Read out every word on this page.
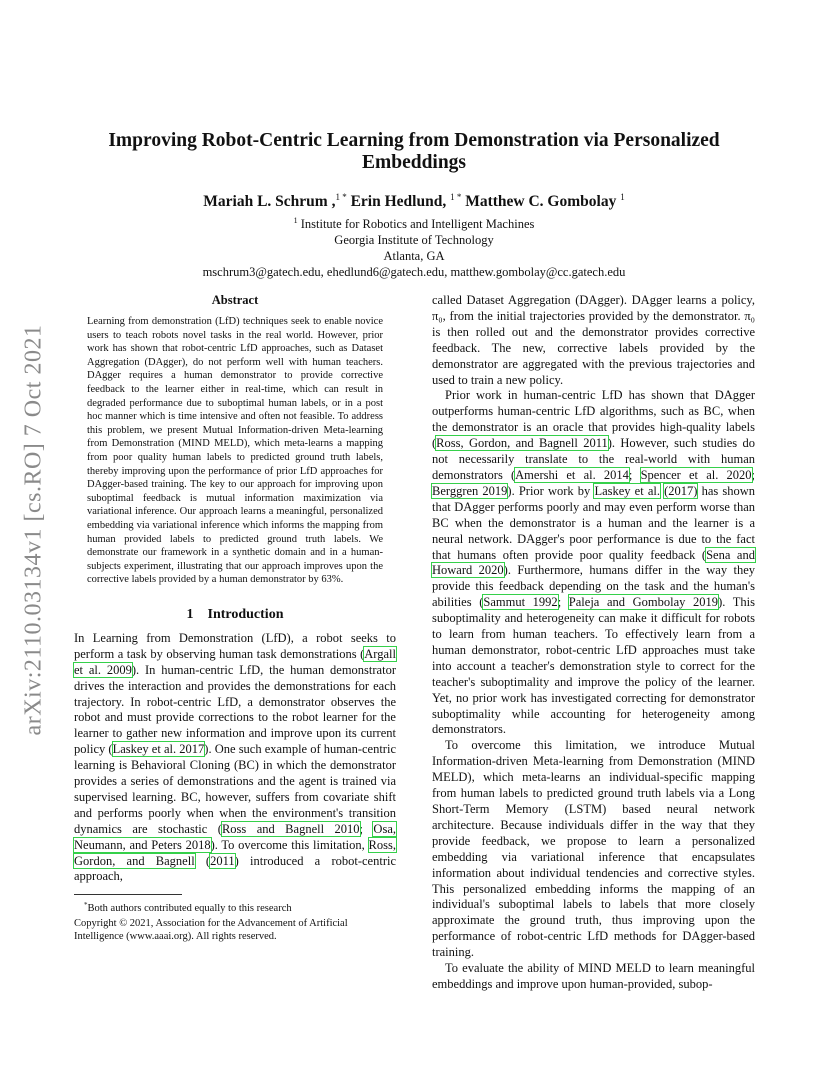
arXiv:2110.03134v1 [cs.RO] 7 Oct 2021
Improving Robot-Centric Learning from Demonstration via Personalized Embeddings
Mariah L. Schrum ,$^{1 *}$ Erin Hedlund, $^{1 *}$ Matthew C. Gombolay $^1$
$^1$ Institute for Robotics and Intelligent Machines
Georgia Institute of Technology
Atlanta, GA
mschrum3@gatech.edu, ehedlund6@gatech.edu, matthew.gombolay@cc.gatech.edu
Abstract

Learning from demonstration (LfD) techniques seek to enable novice users to teach robots novel tasks in the real world. However, prior work has shown that robot-centric LfD approaches, such as Dataset Aggregation (DAgger), do not perform well with human teachers. DAgger requires a human demonstrator to provide corrective feedback to the learner either in real-time, which can result in degraded performance due to suboptimal human labels, or in a post hoc manner which is time intensive and often not feasible. To address this problem, we present Mutual Information-driven Meta-learning from Demonstration (MIND MELD), which meta-learns a mapping from poor quality human labels to predicted ground truth labels, thereby improving upon the performance of prior LfD approaches for DAgger-based training. The key to our approach for improving upon suboptimal feedback is mutual information maximization via variational inference. Our approach learns a meaningful, personalized embedding via variational inference which informs the mapping from human provided labels to predicted ground truth labels. We demonstrate our framework in a synthetic domain and in a human-subjects experiment, illustrating that our approach improves upon the corrective labels provided by a human demonstrator by 63%.

1 Introduction

In Learning from Demonstration (LfD), a robot seeks to perform a task by observing human task demonstrations (Argall et al. 2009). In human-centric LfD, the human demonstrator drives the interaction and provides the demonstrations for each trajectory. In robot-centric LfD, a demonstrator observes the robot and must provide corrections to the robot learner for the learner to gather new information and improve upon its current policy (Laskey et al. 2017). One such example of human-centric learning is Behavioral Cloning (BC) in which the demonstrator provides a series of demonstrations and the agent is trained via supervised learning. BC, however, suffers from covariate shift and performs poorly when when the environment's transition dynamics are stochastic (Ross and Bagnell 2010; Osa, Neumann, and Peters 2018). To overcome this limitation, Ross, Gordon, and Bagnell (2011) introduced a robot-centric approach,

*Both authors contributed equally to this research

Copyright © 2021, Association for the Advancement of Artificial Intelligence (www.aaai.org). All rights reserved.

called Dataset Aggregation (DAgger). DAgger learns a policy, π₀, from the initial trajectories provided by the demonstrator. π₀ is then rolled out and the demonstrator provides corrective feedback. The new, corrective labels provided by the demonstrator are aggregated with the previous trajectories and used to train a new policy.

Prior work in human-centric LfD has shown that DAgger outperforms human-centric LfD algorithms, such as BC, when the demonstrator is an oracle that provides high-quality labels (Ross, Gordon, and Bagnell 2011). However, such studies do not necessarily translate to the real-world with human demonstrators (Amershi et al. 2014; Spencer et al. 2020; Berggren 2019). Prior work by Laskey et al. (2017) has shown that DAgger performs poorly and may even perform worse than BC when the demonstrator is a human and the learner is a neural network. DAgger's poor performance is due to the fact that humans often provide poor quality feedback (Sena and Howard 2020). Furthermore, humans differ in the way they provide this feedback depending on the task and the human's abilities (Sammut 1992; Paleja and Gombolay 2019). This suboptimality and heterogeneity can make it difficult for robots to learn from human teachers. To effectively learn from a human demonstrator, robot-centric LfD approaches must take into account a teacher's demonstration style to correct for the teacher's suboptimality and improve the policy of the learner. Yet, no prior work has investigated correcting for demonstrator suboptimality while accounting for heterogeneity among demonstrators.

To overcome this limitation, we introduce Mutual Information-driven Meta-learning from Demonstration (MIND MELD), which meta-learns an individual-specific mapping from human labels to predicted ground truth labels via a Long Short-Term Memory (LSTM) based neural network architecture. Because individuals differ in the way that they provide feedback, we propose to learn a personalized embedding via variational inference that encapsulates information about individual tendencies and corrective styles. This personalized embedding informs the mapping of an individual's suboptimal labels to labels that more closely approximate the ground truth, thus improving upon the performance of robot-centric LfD methods for DAgger-based training.

To evaluate the ability of MIND MELD to learn meaningful embeddings and improve upon human-provided, subop-
